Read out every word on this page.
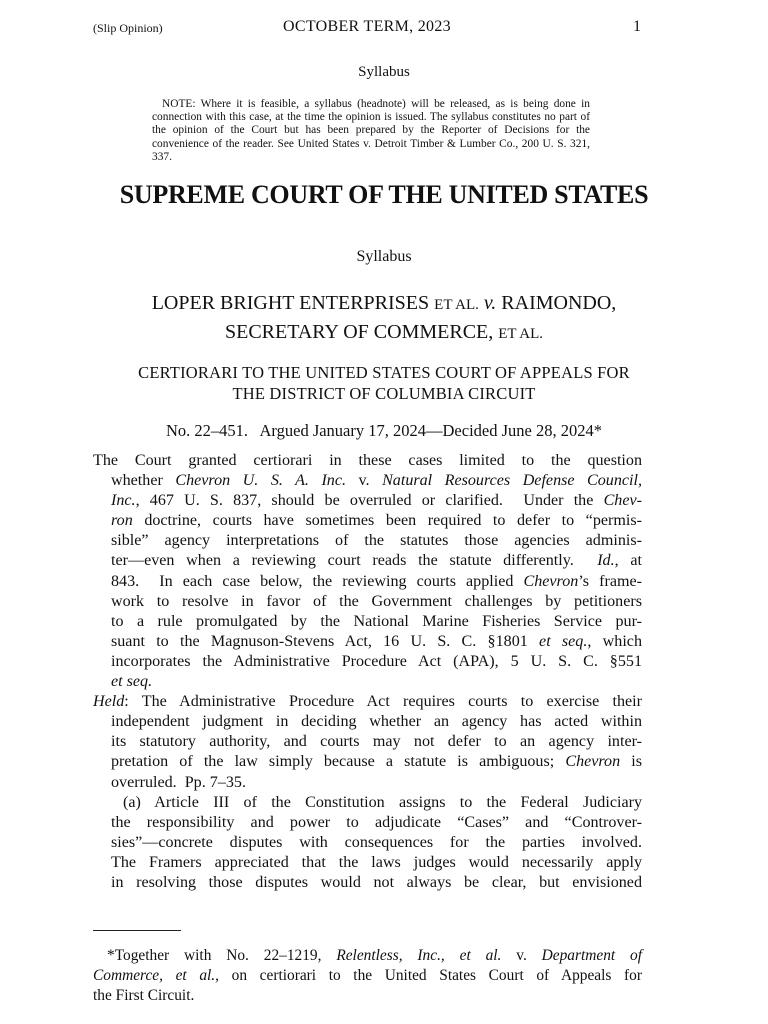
(Slip Opinion)	OCTOBER TERM, 2023	1
Syllabus
NOTE: Where it is feasible, a syllabus (headnote) will be released, as is being done in connection with this case, at the time the opinion is issued. The syllabus constitutes no part of the opinion of the Court but has been prepared by the Reporter of Decisions for the convenience of the reader. See United States v. Detroit Timber & Lumber Co., 200 U. S. 321, 337.
SUPREME COURT OF THE UNITED STATES
Syllabus
LOPER BRIGHT ENTERPRISES ET AL. v. RAIMONDO,
SECRETARY OF COMMERCE, ET AL.
CERTIORARI TO THE UNITED STATES COURT OF APPEALS FOR
THE DISTRICT OF COLUMBIA CIRCUIT
No. 22–451.   Argued January 17, 2024—Decided June 28, 2024*
The Court granted certiorari in these cases limited to the question
whether Chevron U. S. A. Inc. v. Natural Resources Defense Council,
Inc., 467 U. S. 837, should be overruled or clarified.  Under the Chev-
ron doctrine, courts have sometimes been required to defer to “permis-
sible” agency interpretations of the statutes those agencies adminis-
ter—even when a reviewing court reads the statute differently.  Id., at
843.  In each case below, the reviewing courts applied Chevron’s frame-
work to resolve in favor of the Government challenges by petitioners
to a rule promulgated by the National Marine Fisheries Service pur-
suant to the Magnuson-Stevens Act, 16 U. S. C. §1801 et seq., which
incorporates the Administrative Procedure Act (APA), 5 U. S. C. §551
et seq.
Held: The Administrative Procedure Act requires courts to exercise their
independent judgment in deciding whether an agency has acted within
its statutory authority, and courts may not defer to an agency inter-
pretation of the law simply because a statute is ambiguous; Chevron is
overruled.  Pp. 7–35.
(a) Article III of the Constitution assigns to the Federal Judiciary
the responsibility and power to adjudicate “Cases” and “Controver-
sies”—concrete disputes with consequences for the parties involved.
The Framers appreciated that the laws judges would necessarily apply
in resolving those disputes would not always be clear, but envisioned
*Together with No. 22–1219, Relentless, Inc., et al. v. Department of
Commerce, et al., on certiorari to the United States Court of Appeals for
the First Circuit.
